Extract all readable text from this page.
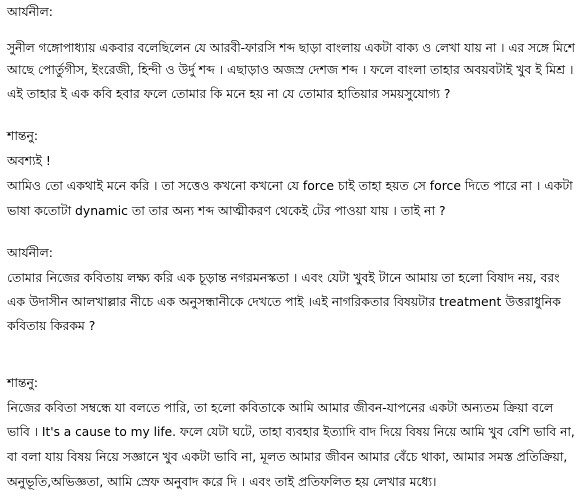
আর্যনীল:
সুনীল গঙ্গোপাধ্যায় একবার বলেছিলেন যে আরবী-ফারসি শব্দ ছাড়া বাংলায় একটা বাক্য ও লেখা যায় না । এর সঙ্গে মিশে
আছে পোর্তুগীস, ইংরেজী, হিন্দী ও উর্দু শব্দ । এছাড়াও অজস্র দেশজ শব্দ । ফলে বাংলা তাহার অবয়বটাই খুব ই মিশ্র ।
এই তাহার ই এক কবি হবার ফলে তোমার কি মনে হয় না যে তোমার হাতিয়ার সময়সুযোগ্য ?
শান্তনু:
অবশ্যই !
আমিও তো একথাই মনে করি । তা সত্তেও কখনো কখনো যে force চাই তাহা হয়ত সে force দিতে পারে না । একটা
ভাষা কতোটা dynamic তা তার অন্য শব্দ আত্মীকরণ থেকেই টের পাওয়া যায় । তাই না ?
আর্যনীল:
তোমার নিজের কবিতায় লক্ষ্য করি এক চূড়ান্ত নগরমনস্কতা । এবং যেটা খুবই টানে আমায় তা হলো বিষাদ নয়, বরং
এক উদাসীন আলখাল্লার নীচে এক অনুসন্ধানীকে দেখতে পাই ।এই নাগরিকতার বিষয়টার treatment উত্তরাধুনিক
কবিতায় কিরকম ?
শান্তনু:
নিজের কবিতা সম্বন্ধে যা বলতে পারি, তা হলো কবিতাকে আমি আমার জীবন-যাপনের একটা অন্যতম ক্রিয়া বলে
ভাবি । It's a cause to my life. ফলে যেটা ঘটে, তাহা ব্যবহার ইত্যাদি বাদ দিয়ে বিষয় নিয়ে আমি খুব বেশি ভাবি না,
বা বলা যায় বিষয় নিয়ে সজ্ঞানে খুব একটা ভাবি না, মূলত আমার জীবন আমার বেঁচে থাকা, আমার সমস্ত প্রতিক্রিয়া,
অনুভূতি,অভিজ্ঞতা, আমি স্রেফ অনুবাদ করে দি । এবং তাই প্রতিফলিত হয় লেখার মধ্যে।
